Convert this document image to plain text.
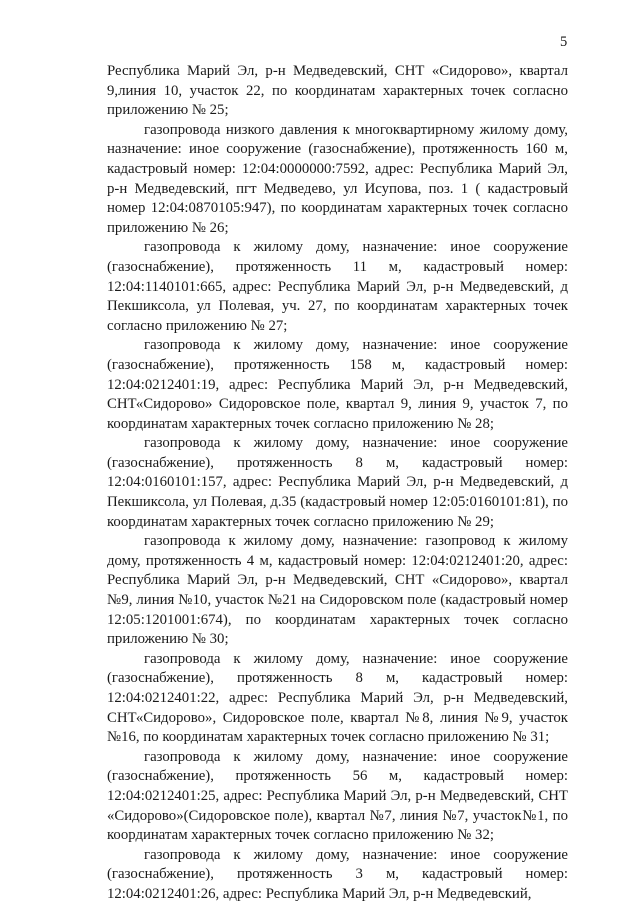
5

Республика Марий Эл, р-н Медведевский, СНТ «Сидорово», квартал 9,линия 10, участок 22, по координатам характерных точек согласно приложению № 25;

газопровода низкого давления к многоквартирному жилому дому, назначение: иное сооружение (газоснабжение), протяженность 160 м, кадастровый номер: 12:04:0000000:7592, адрес: Республика Марий Эл, р-н Медведевский, пгт Медведево, ул Исупова, поз. 1 ( кадастровый номер 12:04:0870105:947), по координатам характерных точек согласно приложению № 26;

газопровода к жилому дому, назначение: иное сооружение (газоснабжение), протяженность 11 м, кадастровый номер: 12:04:1140101:665, адрес: Республика Марий Эл, р-н Медведевский, д Пекшиксола, ул Полевая, уч. 27, по координатам характерных точек согласно приложению № 27;

газопровода к жилому дому, назначение: иное сооружение (газоснабжение), протяженность 158 м, кадастровый номер: 12:04:0212401:19, адрес: Республика Марий Эл, р-н Медведевский, СНТ«Сидорово» Сидоровское поле, квартал 9, линия 9, участок 7, по координатам характерных точек согласно приложению № 28;

газопровода к жилому дому, назначение: иное сооружение (газоснабжение), протяженность 8 м, кадастровый номер: 12:04:0160101:157, адрес: Республика Марий Эл, р-н Медведевский, д Пекшиксола, ул Полевая, д.35 (кадастровый номер 12:05:0160101:81), по координатам характерных точек согласно приложению № 29;

газопровода к жилому дому, назначение: газопровод к жилому дому, протяженность 4 м, кадастровый номер: 12:04:0212401:20, адрес: Республика Марий Эл, р-н Медведевский, СНТ «Сидорово», квартал №9, линия №10, участок №21 на Сидоровском поле (кадастровый номер 12:05:1201001:674), по координатам характерных точек согласно приложению № 30;

газопровода к жилому дому, назначение: иное сооружение (газоснабжение), протяженность 8 м, кадастровый номер: 12:04:0212401:22, адрес: Республика Марий Эл, р-н Медведевский, СНТ«Сидорово», Сидоровское поле, квартал №8, линия №9, участок №16, по координатам характерных точек согласно приложению № 31;

газопровода к жилому дому, назначение: иное сооружение (газоснабжение), протяженность 56 м, кадастровый номер: 12:04:0212401:25, адрес: Республика Марий Эл, р-н Медведевский, СНТ «Сидорово»(Сидоровское поле), квартал №7, линия №7, участок№1, по координатам характерных точек согласно приложению № 32;

газопровода к жилому дому, назначение: иное сооружение (газоснабжение), протяженность 3 м, кадастровый номер: 12:04:0212401:26, адрес: Республика Марий Эл, р-н Медведевский,
